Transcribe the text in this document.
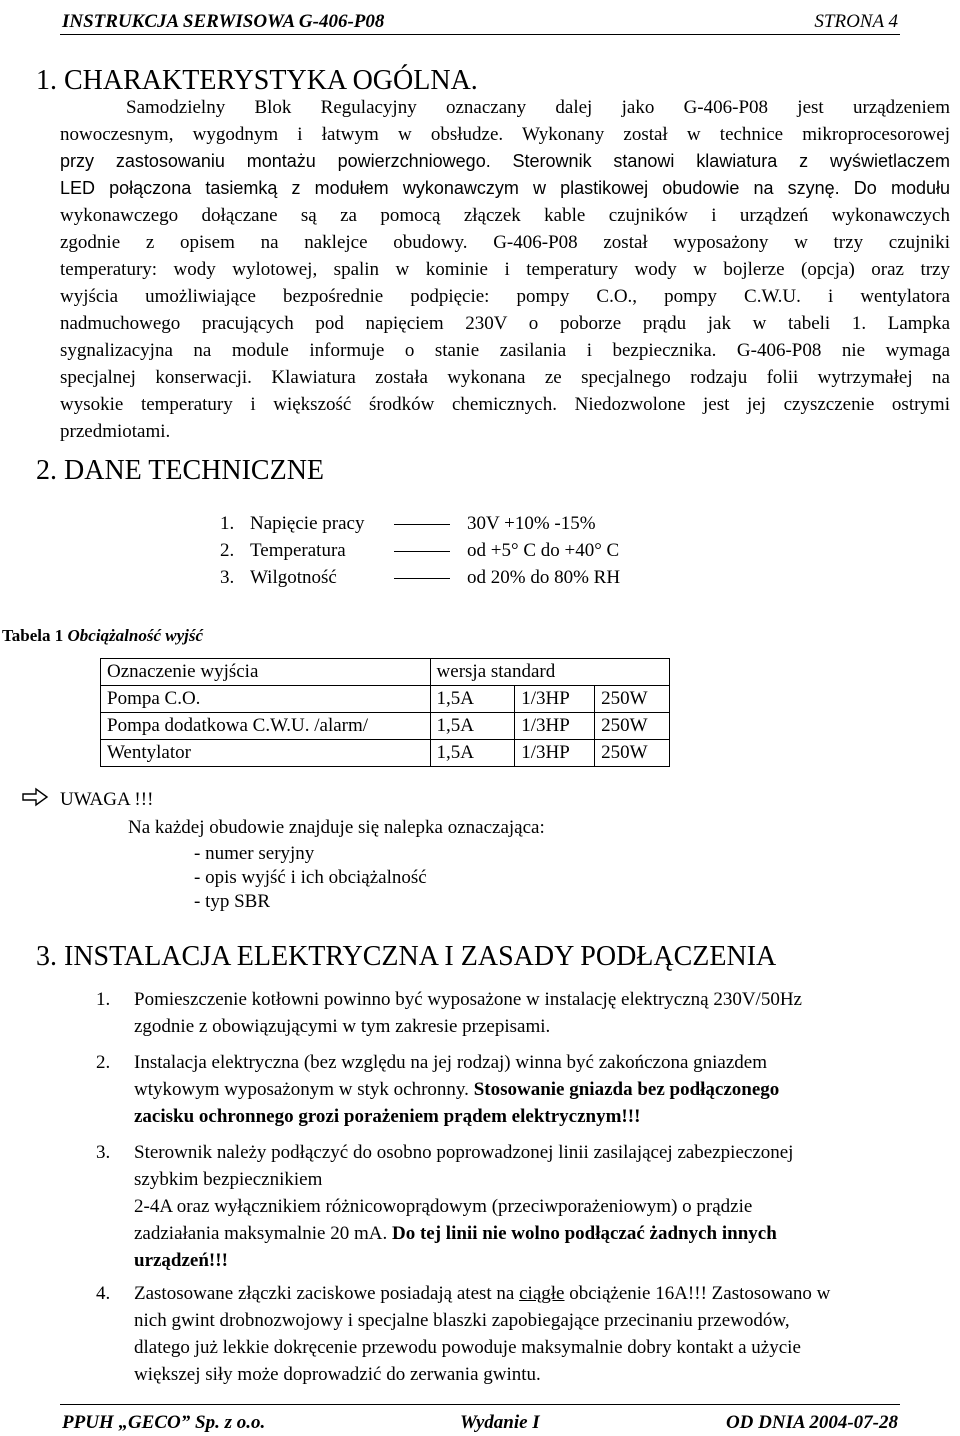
INSTRUKCJA SERWISOWA G-406-P08	STRONA 4
1. CHARAKTERYSTYKA OGÓLNA.
Samodzielny Blok Regulacyjny oznaczany dalej jako G-406-P08 jest urządzeniem
nowoczesnym, wygodnym i łatwym w obsłudze. Wykonany został w technice mikroprocesorowej
przy zastosowaniu montażu powierzchniowego. Sterownik stanowi klawiatura z wyświetlaczem
LED połączona tasiemką z modułem wykonawczym w plastikowej obudowie na szynę. Do modułu
wykonawczego dołączane są za pomocą złączek kable czujników i urządzeń wykonawczych
zgodnie z opisem na naklejce obudowy. G-406-P08 został wyposażony w trzy czujniki
temperatury: wody wylotowej, spalin w kominie i temperatury wody w bojlerze (opcja) oraz trzy
wyjścia umożliwiające bezpośrednie podpięcie: pompy C.O., pompy C.W.U. i wentylatora
nadmuchowego pracujących pod napięciem 230V o poborze prądu jak w tabeli 1. Lampka
sygnalizacyjna na module informuje o stanie zasilania i bezpiecznika. G-406-P08 nie wymaga
specjalnej konserwacji. Klawiatura została wykonana ze specjalnego rodzaju folii wytrzymałej na
wysokie temperatury i większość środków chemicznych. Niedozwolone jest jej czyszczenie ostrymi
przedmiotami.
2. DANE TECHNICZNE
1. Napięcie pracy	30V +10% -15%
2. Temperatura	od +5° C do +40° C
3. Wilgotność	od 20% do 80% RH
Tabela 1 Obciążalność wyjść
Oznaczenie wyjścia	wersja standard		
Pompa C.O.	1,5A	1/3HP	250W
Pompa dodatkowa C.W.U. /alarm/	1,5A	1/3HP	250W
Wentylator	1,5A	1/3HP	250W
UWAGA !!!
Na każdej obudowie znajduje się nalepka oznaczająca:
- numer seryjny
- opis wyjść i ich obciążalność
- typ SBR
3. INSTALACJA ELEKTRYCZNA I ZASADY PODŁĄCZENIA
1. Pomieszczenie kotłowni powinno być wyposażone w instalację elektryczną 230V/50Hz
zgodnie z obowiązującymi w tym zakresie przepisami.
2. Instalacja elektryczna (bez względu na jej rodzaj) winna być zakończona gniazdem
wtykowym wyposażonym w styk ochronny. Stosowanie gniazda bez podłączonego
zacisku ochronnego grozi porażeniem prądem elektrycznym!!!
3. Sterownik należy podłączyć do osobno poprowadzonej linii zasilającej zabezpieczonej
szybkim bezpiecznikiem
2-4A oraz wyłącznikiem różnicowoprądowym (przeciwporażeniowym) o prądzie
zadziałania maksymalnie 20 mA. Do tej linii nie wolno podłączać żadnych innych
urządzeń!!!
4. Zastosowane złączki zaciskowe posiadają atest na ciągłe obciążenie 16A!!! Zastosowano w
nich gwint drobnozwojowy i specjalne blaszki zapobiegające przecinaniu przewodów,
dlatego już lekkie dokręcenie przewodu powoduje maksymalnie dobry kontakt a użycie
większej siły może doprowadzić do zerwania gwintu.
PPUH „GECO” Sp. z o.o.	Wydanie I	OD DNIA 2004-07-28
